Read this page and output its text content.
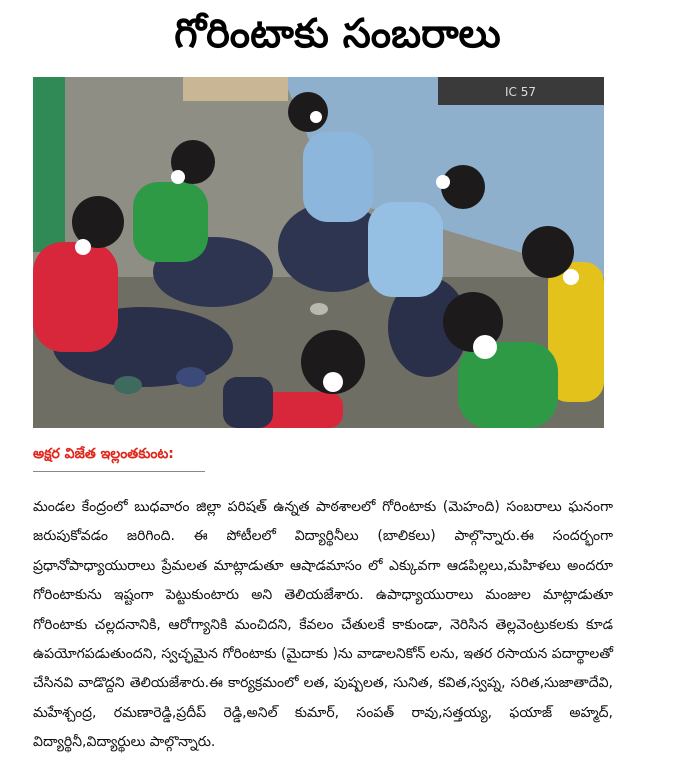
గోరింటాకు సంబరాలు
IC 57
అక్షర విజేత ఇల్లంతకుంట:

మండల కేంద్రంలో బుధవారం జిల్లా పరిషత్ ఉన్నత పాఠశాలలో గోరింటాకు (మెహంది) సంబరాలు ఘనంగా జరుపుకోవడం జరిగింది. ఈ పోటీలలో విద్యార్థినీలు (బాలికలు) పాల్గొన్నారు.ఈ సందర్భంగా ప్రధానోపాధ్యాయురాలు ప్రేమలత మాట్లాడుతూ ఆషాడమాసం లో ఎక్కువగా ఆడపిల్లలు,మహిళలు అందరూ గోరింటాకును ఇష్టంగా పెట్టుకుంటారు అని తెలియజేశారు. ఉపాధ్యాయురాలు మంజుల మాట్లాడుతూ గోరింటాకు చల్లదనానికి, ఆరోగ్యానికి మంచిదని, కేవలం చేతులకే కాకుండా, నెరిసిన తెల్లవెంట్రుకలకు కూడ ఉపయోగపడుతుందని, స్వచ్ఛమైన గోరింటాకు (మైదాకు )ను వాడాలనికోన్ లను, ఇతర రసాయన పదార్థాలతో చేసినవి వాడొద్దని తెలియజేశారు.ఈ కార్యక్రమంలో లత, పుష్పలత, సునిత, కవిత,స్వప్న, సరిత,సుజాతాదేవి, మహేశ్చంద్ర, రమణారెడ్డి,ప్రదీప్ రెడ్డి,అనిల్ కుమార్, సంపత్ రావు,సత్తయ్య, ఫయాజ్ అహ్మద్, విద్యార్థినీ,విద్యార్థులు పాల్గొన్నారు.
